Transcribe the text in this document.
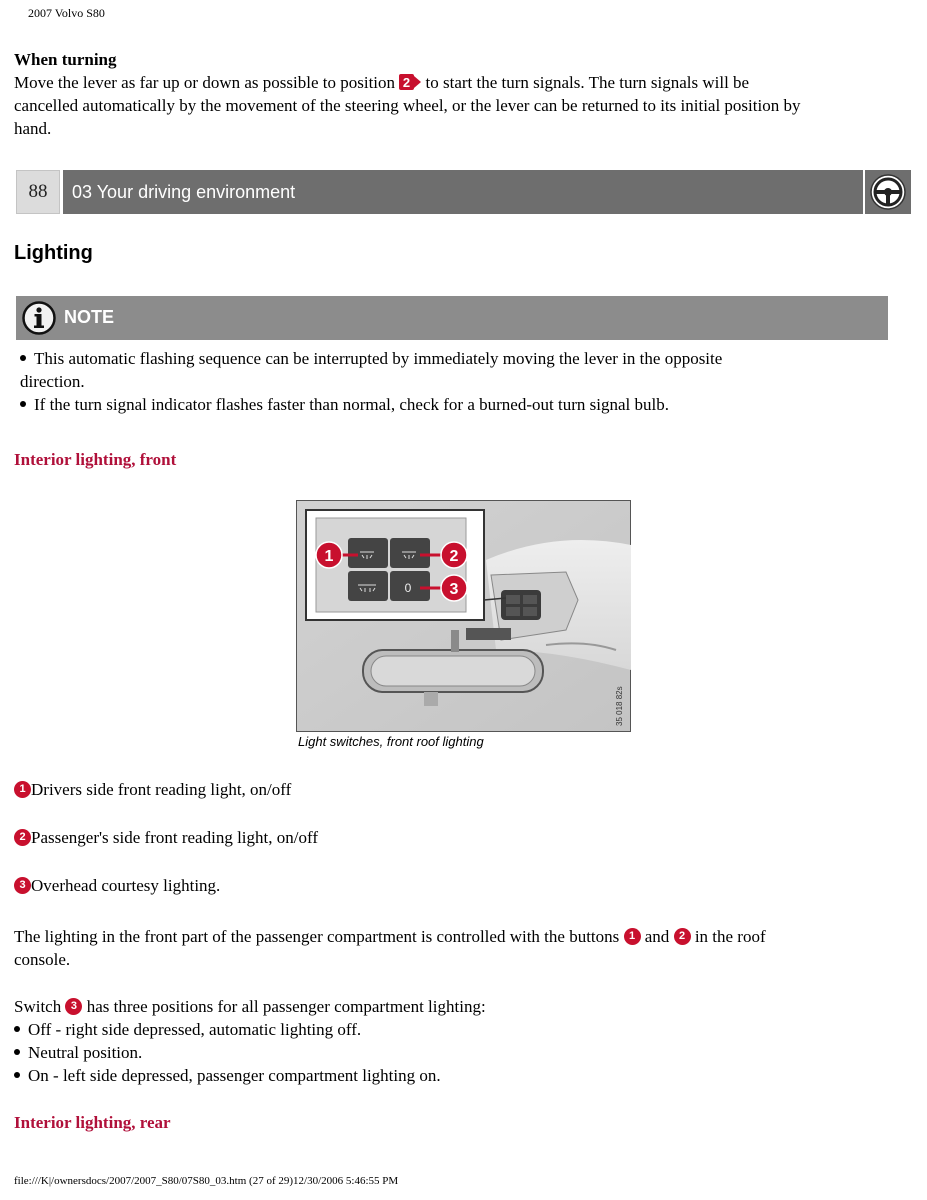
2007 Volvo S80
When turning
Move the lever as far up or down as possible to position 2 to start the turn signals. The turn signals will be
cancelled automatically by the movement of the steering wheel, or the lever can be returned to its initial position by
hand.
88	03 Your driving environment
Lighting
NOTE
This automatic flashing sequence can be interrupted by immediately moving the lever in the opposite
direction.
If the turn signal indicator flashes faster than normal, check for a burned-out turn signal bulb.
Interior lighting, front
0
1	2
3
35 018 82s
Light switches, front roof lighting
1 Drivers side front reading light, on/off
2 Passenger's side front reading light, on/off
3 Overhead courtesy lighting.
The lighting in the front part of the passenger compartment is controlled with the buttons 1 and 2 in the roof
console.
Switch 3 has three positions for all passenger compartment lighting:
Off - right side depressed, automatic lighting off.
Neutral position.
On - left side depressed, passenger compartment lighting on.
Interior lighting, rear
file:///K|/ownersdocs/2007/2007_S80/07S80_03.htm (27 of 29)12/30/2006 5:46:55 PM
